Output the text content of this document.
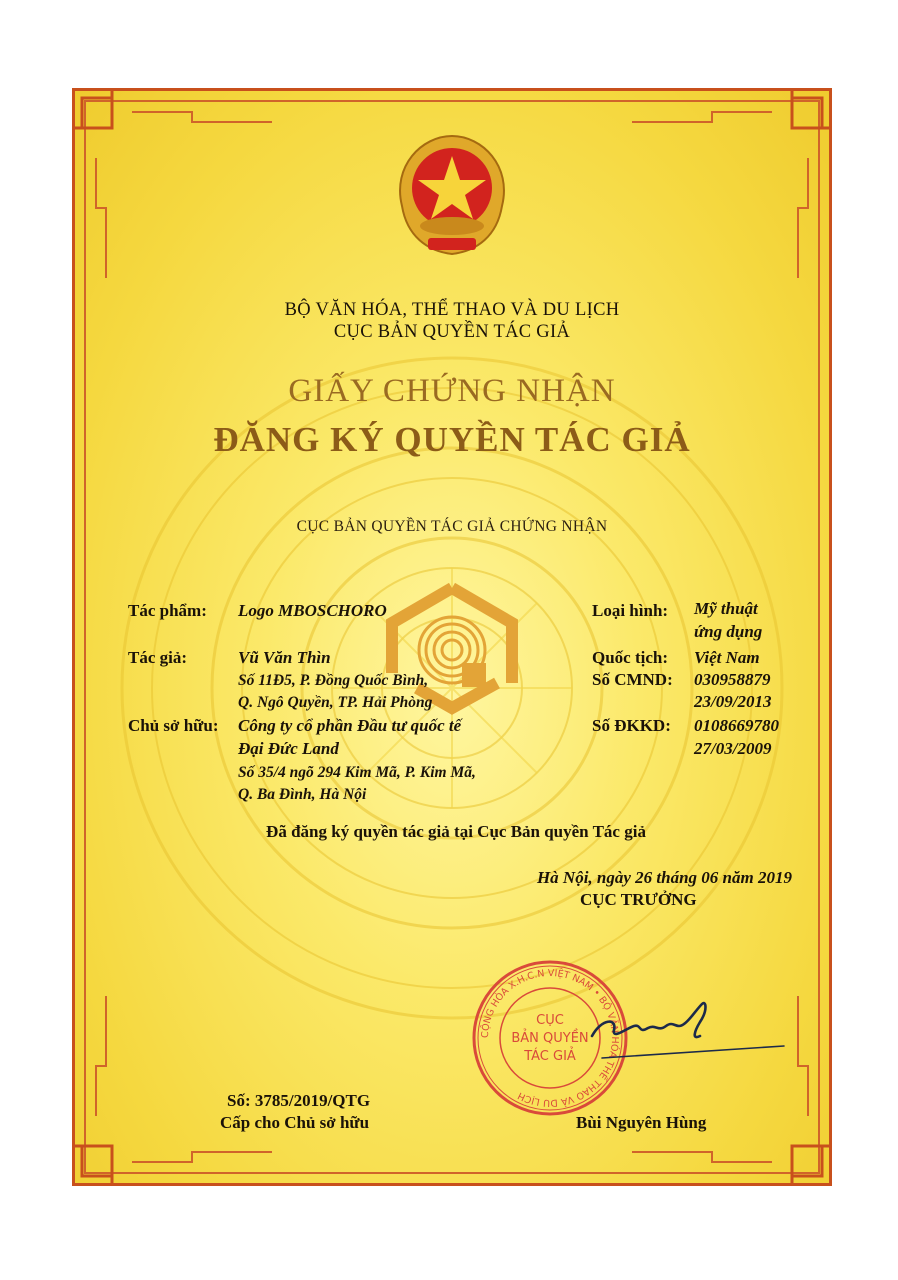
BỘ VĂN HÓA, THỂ THAO VÀ DU LỊCH
CỤC BẢN QUYỀN TÁC GIẢ
GIẤY CHỨNG NHẬN
ĐĂNG KÝ QUYỀN TÁC GIẢ
CỤC BẢN QUYỀN TÁC GIẢ CHỨNG NHẬN
Tác phẩm: Logo MBOSCHORO	Loại hình: Mỹ thuật
ứng dụng
Tác giả:	Vũ Văn Thìn
Số 11Đ5, P. Đồng Quốc Bình,
Q. Ngô Quyền, TP. Hải Phòng
Quốc tịch: Việt Nam
Số CMND: 030958879
23/09/2013
Chủ sở hữu: Công ty cổ phần Đầu tư quốc tế
Đại Đức Land
Số 35/4 ngõ 294 Kim Mã, P. Kim Mã,
Q. Ba Đình, Hà Nội
Số ĐKKD: 0108669780
27/03/2009
Đã đăng ký quyền tác giả tại Cục Bản quyền Tác giả
Hà Nội, ngày 26 tháng 06 năm 2019
CỤC TRƯỞNG
CỘNG HÒA X.H.C.N VIỆT NAM • BỘ VĂN HÓA THỂ THAO VÀ DU LỊCH
CỤC
BẢN QUYỀN
TÁC GIẢ
Số: 3785/2019/QTG
Cấp cho Chủ sở hữu	Bùi Nguyên Hùng
